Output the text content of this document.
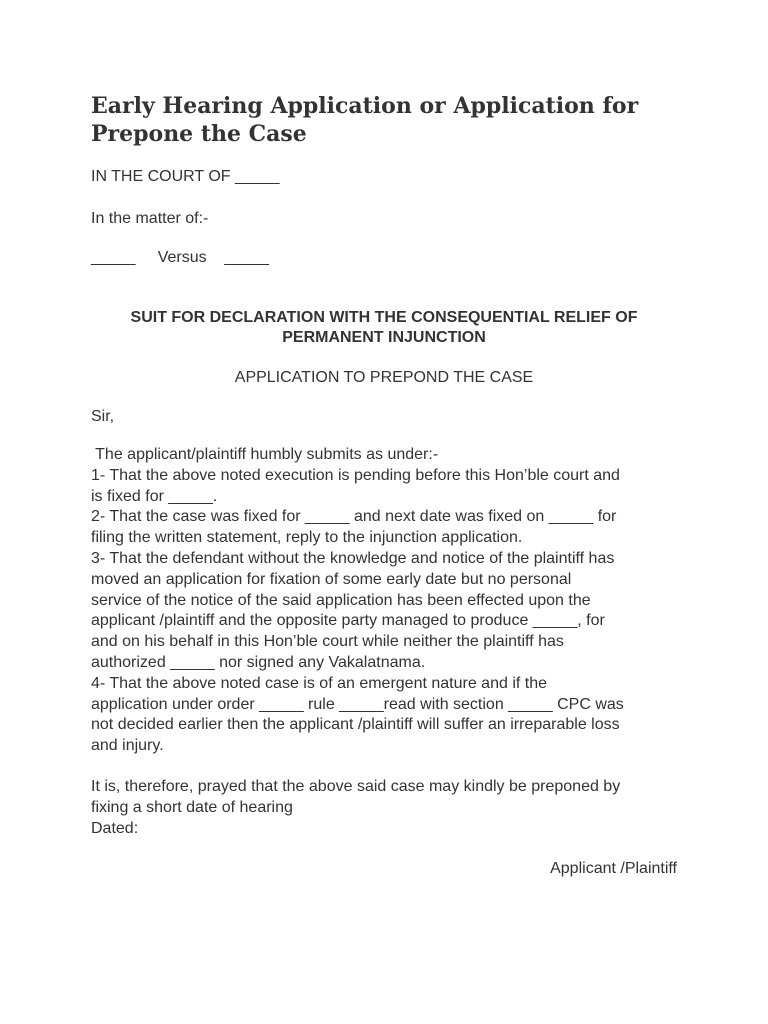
Early Hearing Application or Application for Prepone the Case
IN THE COURT OF _____
In the matter of:-
_____     Versus    _____
SUIT FOR DECLARATION WITH THE CONSEQUENTIAL RELIEF OF PERMANENT INJUNCTION
APPLICATION TO PREPOND THE CASE
Sir,
The applicant/plaintiff humbly submits as under:-
1- That the above noted execution is pending before this Hon’ble court and
is fixed for _____.
2- That the case was fixed for _____ and next date was fixed on _____ for
filing the written statement, reply to the injunction application.
3- That the defendant without the knowledge and notice of the plaintiff has
moved an application for fixation of some early date but no personal
service of the notice of the said application has been effected upon the
applicant /plaintiff and the opposite party managed to produce _____, for
and on his behalf in this Hon’ble court while neither the plaintiff has
authorized _____ nor signed any Vakalatnama.
4- That the above noted case is of an emergent nature and if the
application under order _____ rule _____read with section _____ CPC was
not decided earlier then the applicant /plaintiff will suffer an irreparable loss
and injury.
It is, therefore, prayed that the above said case may kindly be preponed by
fixing a short date of hearing
Dated:
Applicant /Plaintiff
